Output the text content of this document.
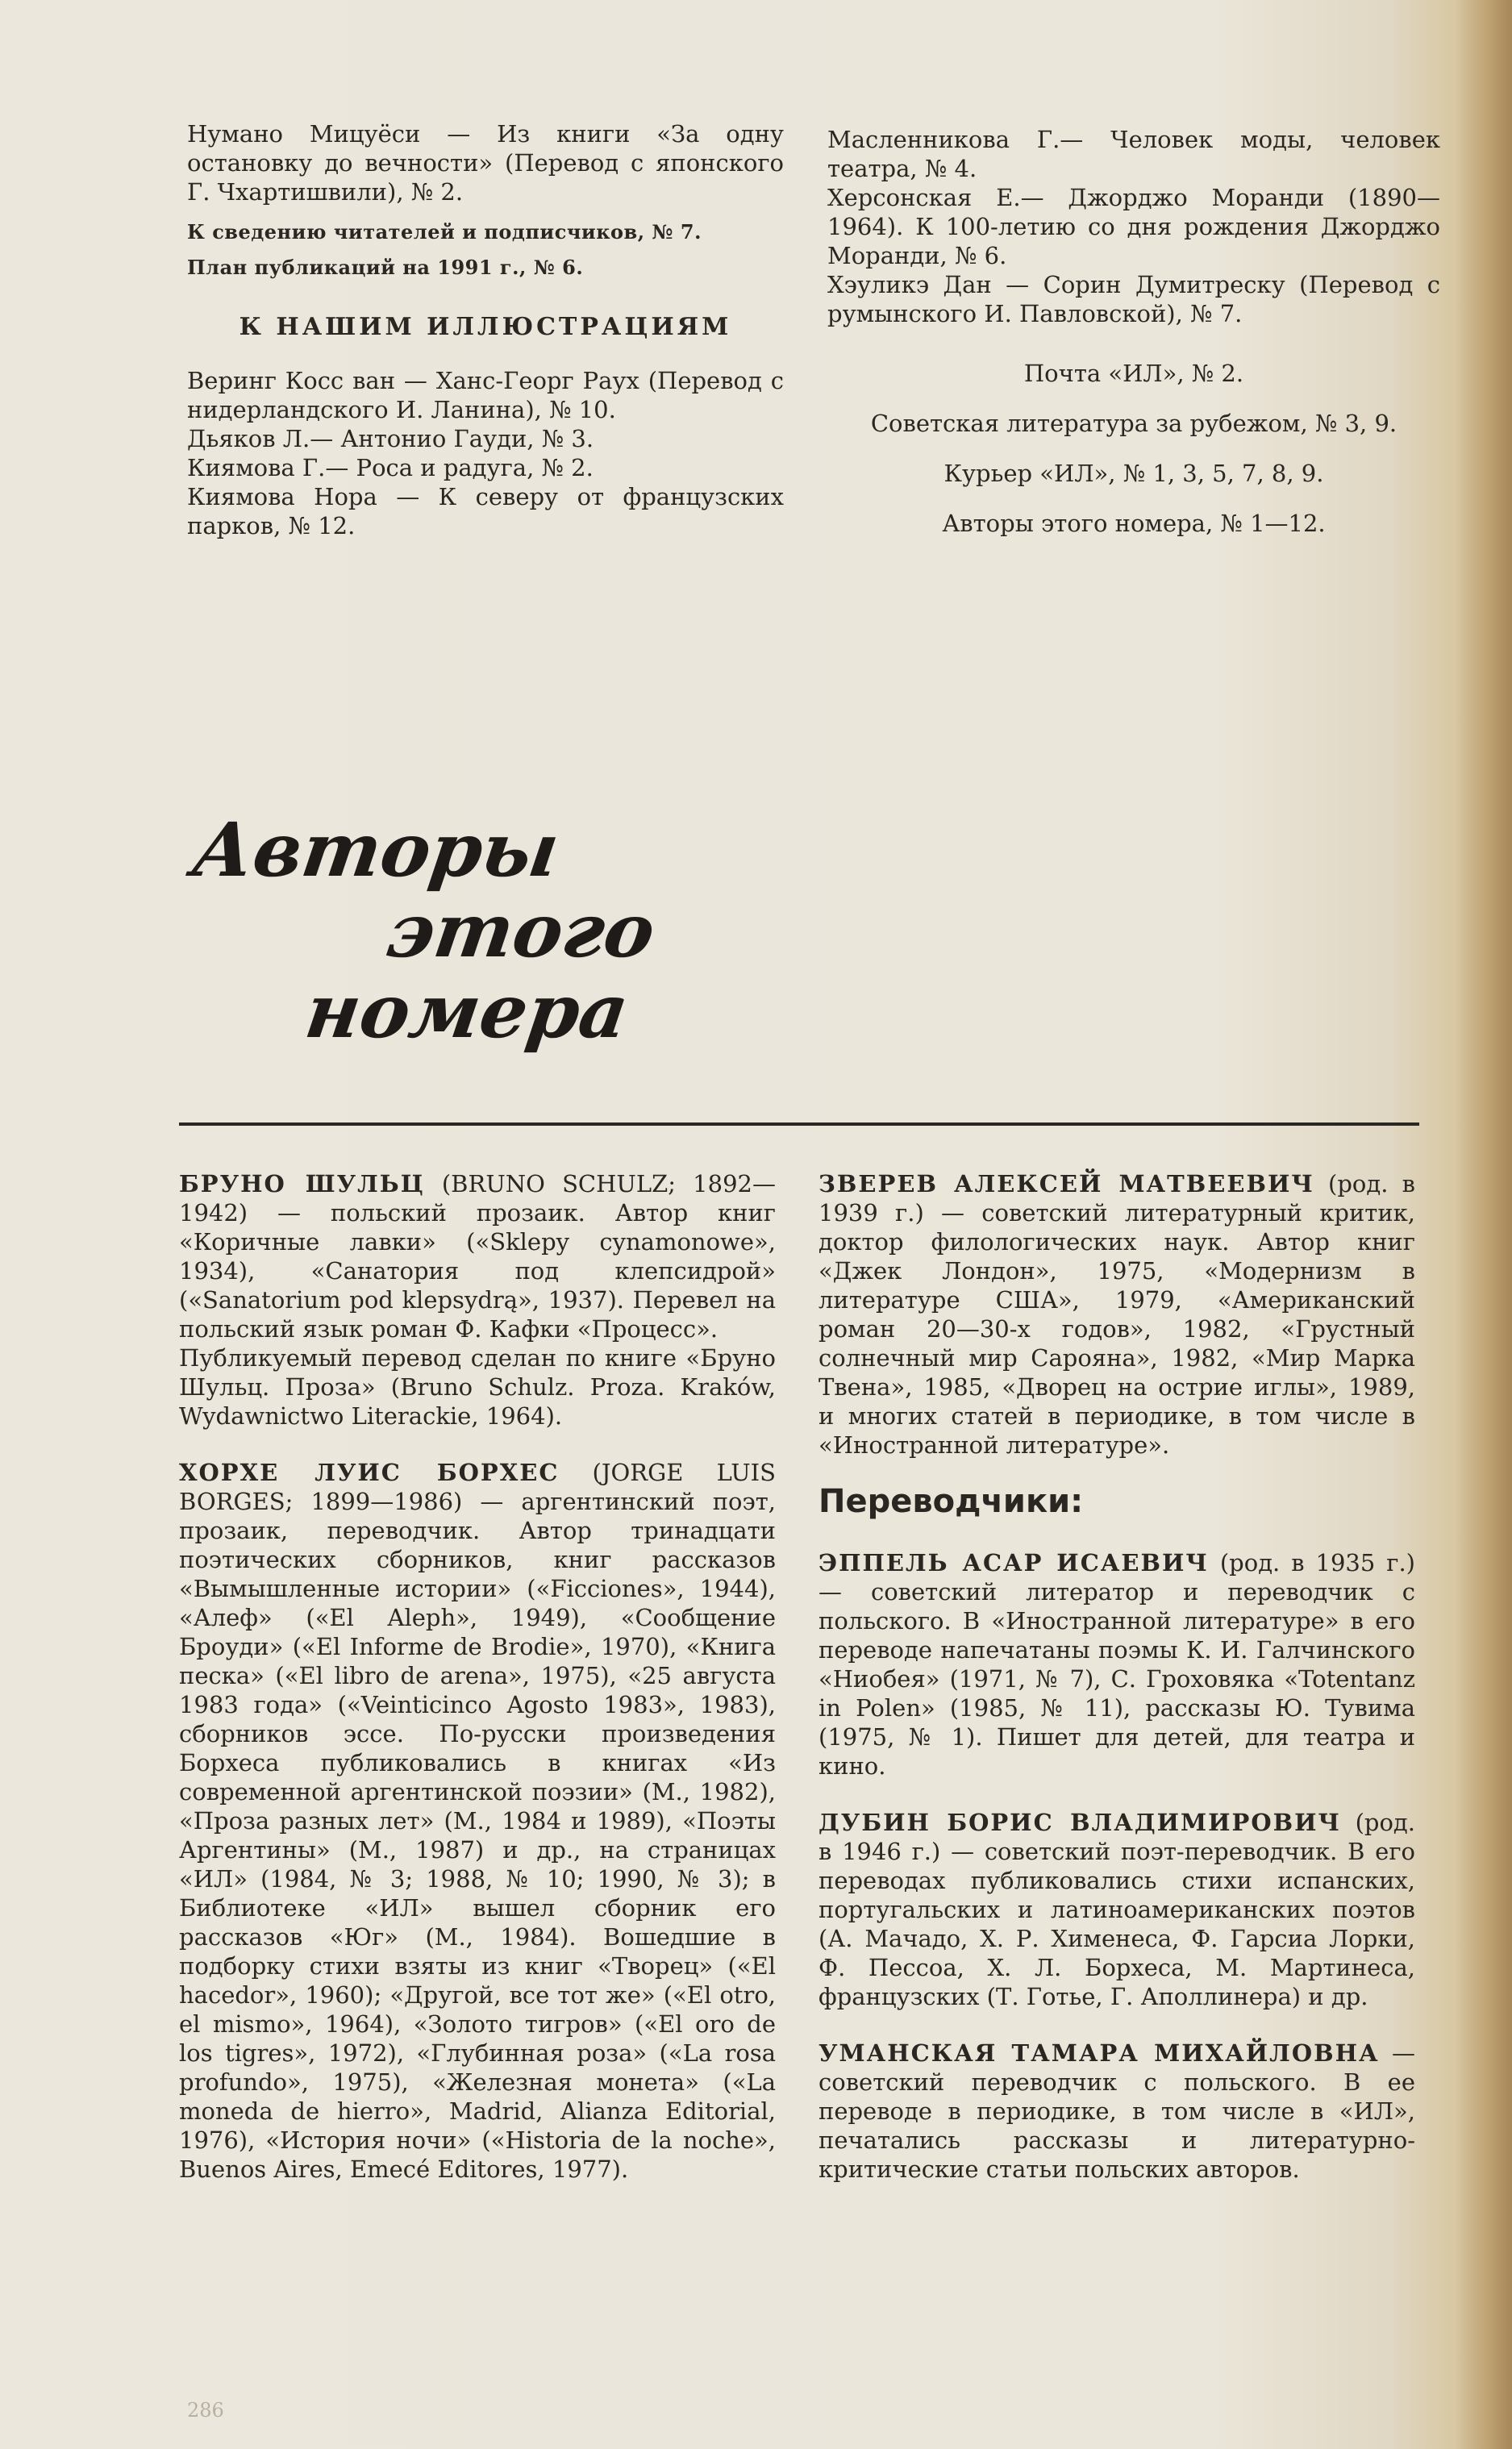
Нумано Мицуёси — Из книги «За одну остановку до вечности» (Перевод с японского Г. Чхартишвили), № 2.

К сведению читателей и подписчиков, № 7.

План публикаций на 1991 г., № 6.

К НАШИМ ИЛЛЮСТРАЦИЯМ

Веринг Косс ван — Ханс-Георг Раух (Перевод с нидерландского И. Ланина), № 10.

Дьяков Л.— Антонио Гауди, № 3.

Киямова Г.— Роса и радуга, № 2.

Киямова Нора — К северу от французских парков, № 12.

Масленникова Г.— Человек моды, человек театра, № 4.

Херсонская Е.— Джорджо Моранди (1890—1964). К 100-летию со дня рождения Джорджо Моранди, № 6.

Хэуликэ Дан — Сорин Думитреску (Перевод с румынского И. Павловской), № 7.

Почта «ИЛ», № 2.

Советская литература за рубежом, № 3, 9.

Курьер «ИЛ», № 1, 3, 5, 7, 8, 9.

Авторы этого номера, № 1—12.

Авторы
этого
номера

БРУНО ШУЛЬЦ (BRUNO SCHULZ; 1892—1942) — польский прозаик. Автор книг «Коричные лавки» («Sklepy cynamonowe», 1934), «Санатория под клепсидрой» («Sanatorium pod klepsydrą», 1937). Перевел на польский язык роман Ф. Кафки «Процесс».

Публикуемый перевод сделан по книге «Бруно Шульц. Проза» (Bruno Schulz. Proza. Kraków, Wydawnictwo Literackie, 1964).

ХОРХЕ ЛУИС БОРХЕС (JORGE LUIS BORGES; 1899—1986) — аргентинский поэт, прозаик, переводчик. Автор тринадцати поэтических сборников, книг рассказов «Вымышленные истории» («Ficciones», 1944), «Алеф» («El Aleph», 1949), «Сообщение Броуди» («El Informe de Brodie», 1970), «Книга песка» («El libro de arena», 1975), «25 августа 1983 года» («Veinticinco Agosto 1983», 1983), сборников эссе. По-русски произведения Борхеса публиковались в книгах «Из современной аргентинской поэзии» (М., 1982), «Проза разных лет» (М., 1984 и 1989), «Поэты Аргентины» (М., 1987) и др., на страницах «ИЛ» (1984, № 3; 1988, № 10; 1990, № 3); в Библиотеке «ИЛ» вышел сборник его рассказов «Юг» (М., 1984). Вошедшие в подборку стихи взяты из книг «Творец» («El hacedor», 1960); «Другой, все тот же» («El otro, el mismo», 1964), «Золото тигров» («El oro de los tigres», 1972), «Глубинная роза» («La rosa profundo», 1975), «Железная монета» («La moneda de hierro», Madrid, Alianza Editorial, 1976), «История ночи» («Historia de la noche», Buenos Aires, Emecé Editores, 1977).

ЗВЕРЕВ АЛЕКСЕЙ МАТВЕЕВИЧ (род. в 1939 г.) — советский литературный критик, доктор филологических наук. Автор книг «Джек Лондон», 1975, «Модернизм в литературе США», 1979, «Американский роман 20—30-х годов», 1982, «Грустный солнечный мир Сарояна», 1982, «Мир Марка Твена», 1985, «Дворец на острие иглы», 1989, и многих статей в периодике, в том числе в «Иностранной литературе».

Переводчики:

ЭППЕЛЬ АСАР ИСАЕВИЧ (род. в 1935 г.) — советский литератор и переводчик с польского. В «Иностранной литературе» в его переводе напечатаны поэмы К. И. Галчинского «Ниобея» (1971, № 7), С. Гроховяка «Totentanz in Polen» (1985, № 11), рассказы Ю. Тувима (1975, № 1). Пишет для детей, для театра и кино.

ДУБИН БОРИС ВЛАДИМИРОВИЧ (род. в 1946 г.) — советский поэт-переводчик. В его переводах публиковались стихи испанских, португальских и латиноамериканских поэтов (А. Мачадо, Х. Р. Хименеса, Ф. Гарсиа Лорки, Ф. Пессоа, Х. Л. Борхеса, М. Мартинеса, французских (Т. Готье, Г. Аполлинера) и др.

УМАНСКАЯ ТАМАРА МИХАЙЛОВНА — советский переводчик с польского. В ее переводе в периодике, в том числе в «ИЛ», печатались рассказы и литературно-критические статьи польских авторов.

286
